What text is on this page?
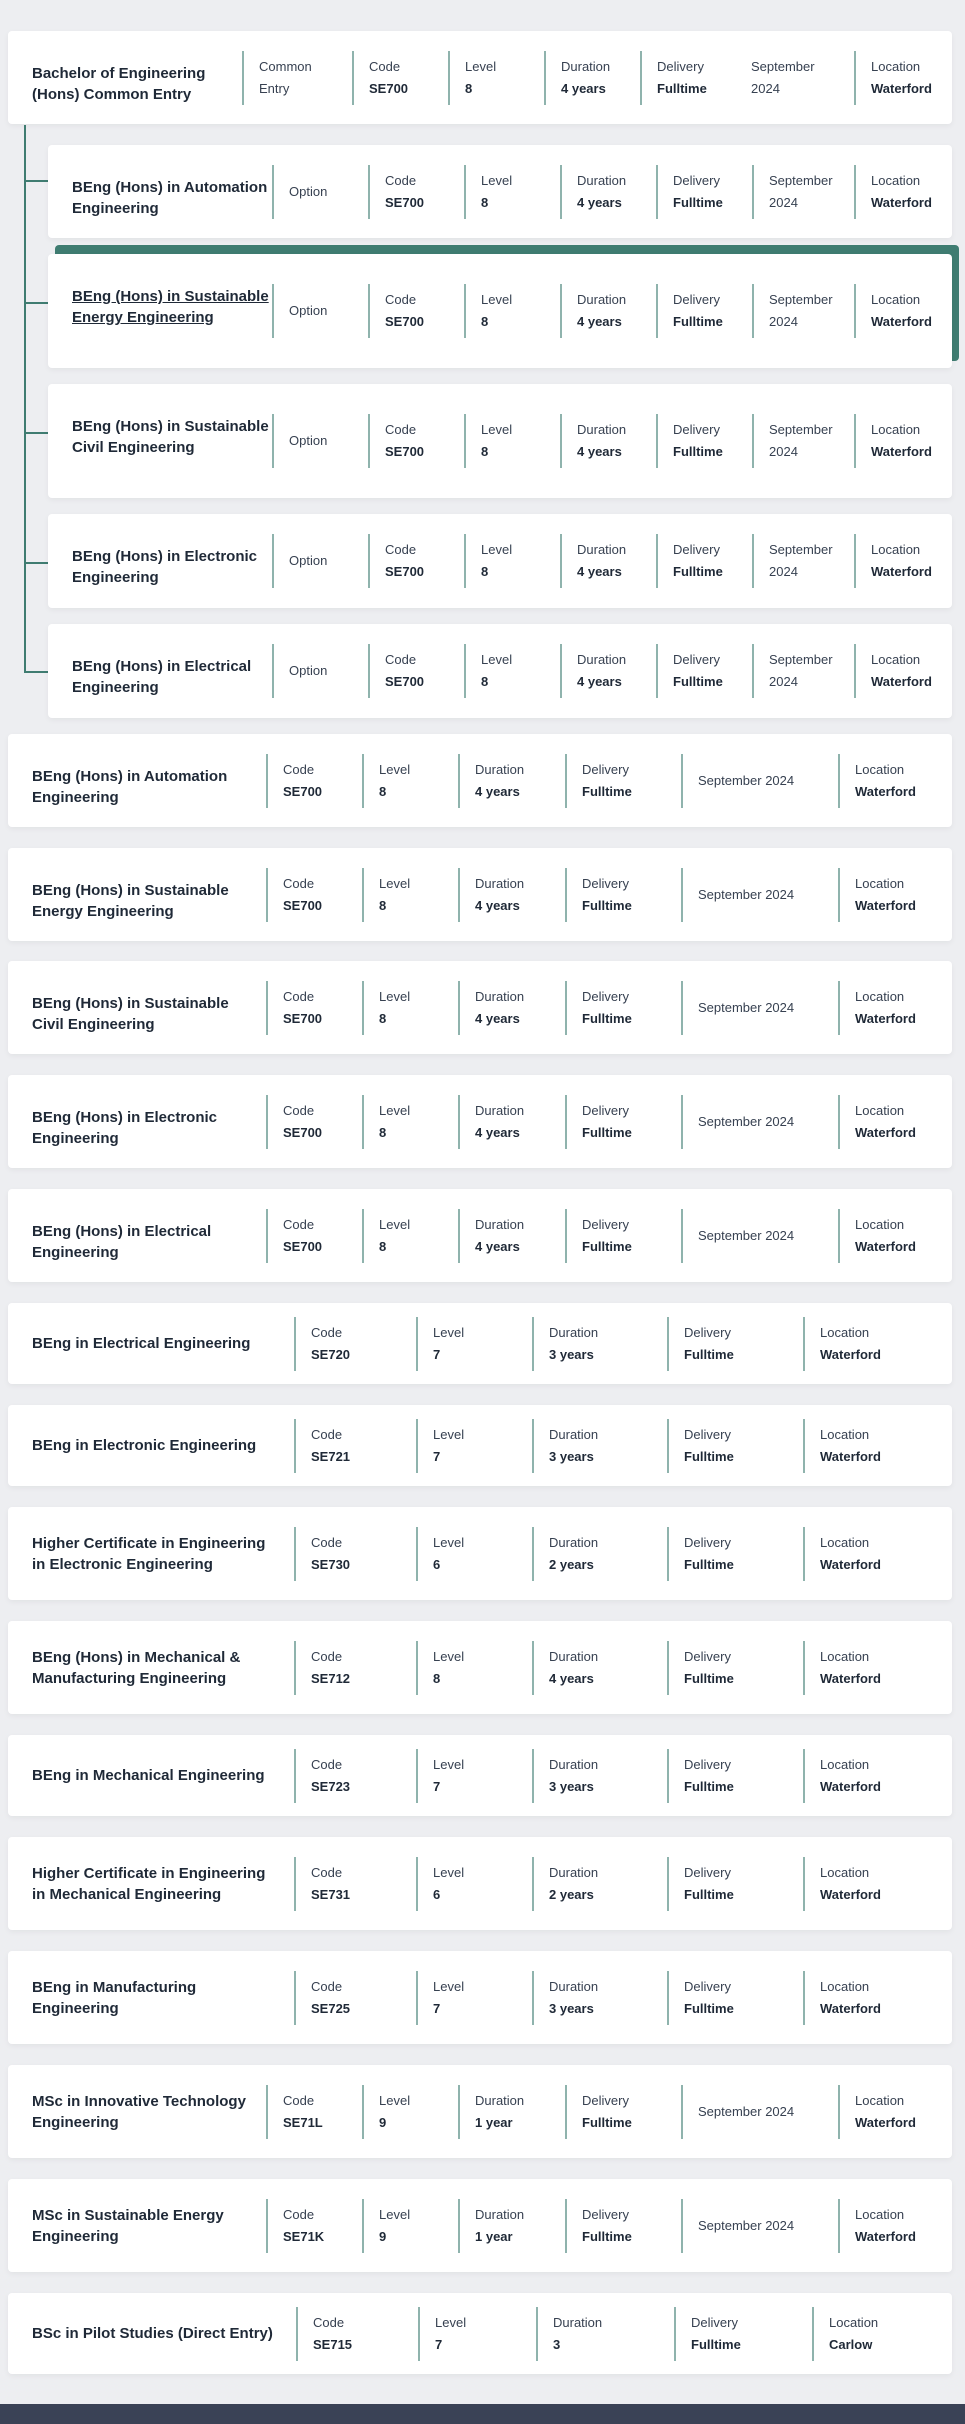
Bachelor of Engineering (Hons) Common Entry
Common
Entry
Code
SE700
Level
8
Duration
4 years
Delivery
Fulltime
September
2024
Location
Waterford
BEng (Hons) in Automation Engineering
Option
Code
SE700
Level
8
Duration
4 years
Delivery
Fulltime
September
2024
Location
Waterford
BEng (Hons) in Sustainable Energy Engineering	Option
Code
SE700
Level
8
Duration
4 years
Delivery
Fulltime
September
2024
Location
Waterford
BEng (Hons) in Sustainable Civil Engineering	Option
Code
SE700
Level
8
Duration
4 years
Delivery
Fulltime
September
2024
Location
Waterford
BEng (Hons) in Electronic Engineering
Option
Code
SE700
Level
8
Duration
4 years
Delivery
Fulltime
September
2024
Location
Waterford
BEng (Hons) in Electrical Engineering
Option
Code
SE700
Level
8
Duration
4 years
Delivery
Fulltime
September
2024
Location
Waterford
BEng (Hons) in Automation Engineering
Code
SE700
Level
8
Duration
4 years
Delivery
Fulltime
September 2024
Location
Waterford
BEng (Hons) in Sustainable Energy Engineering
Code
SE700
Level
8
Duration
4 years
Delivery
Fulltime
September 2024
Location
Waterford
BEng (Hons) in Sustainable Civil Engineering
Code
SE700
Level
8
Duration
4 years
Delivery
Fulltime
September 2024
Location
Waterford
BEng (Hons) in Electronic Engineering
Code
SE700
Level
8
Duration
4 years
Delivery
Fulltime
September 2024
Location
Waterford
BEng (Hons) in Electrical Engineering
Code
SE700
Level
8
Duration
4 years
Delivery
Fulltime
September 2024
Location
Waterford
BEng in Electrical Engineering
Code
SE720
Level
7
Duration
3 years
Delivery
Fulltime
Location
Waterford
BEng in Electronic Engineering
Code
SE721
Level
7
Duration
3 years
Delivery
Fulltime
Location
Waterford
Higher Certificate in Engineering in Electronic Engineering
Code
SE730
Level
6
Duration
2 years
Delivery
Fulltime
Location
Waterford
BEng (Hons) in Mechanical & Manufacturing Engineering
Code
SE712
Level
8
Duration
4 years
Delivery
Fulltime
Location
Waterford
BEng in Mechanical Engineering
Code
SE723
Level
7
Duration
3 years
Delivery
Fulltime
Location
Waterford
Higher Certificate in Engineering in Mechanical Engineering
Code
SE731
Level
6
Duration
2 years
Delivery
Fulltime
Location
Waterford
BEng in Manufacturing Engineering
Code
SE725
Level
7
Duration
3 years
Delivery
Fulltime
Location
Waterford
MSc in Innovative Technology Engineering
Code
SE71L
Level
9
Duration
1 year
Delivery
Fulltime
September 2024
Location
Waterford
MSc in Sustainable Energy Engineering
Code
SE71K
Level
9
Duration
1 year
Delivery
Fulltime
September 2024
Location
Waterford
BSc in Pilot Studies (Direct Entry)
Code
SE715
Level
7
Duration
3
Delivery
Fulltime
Location
Carlow
